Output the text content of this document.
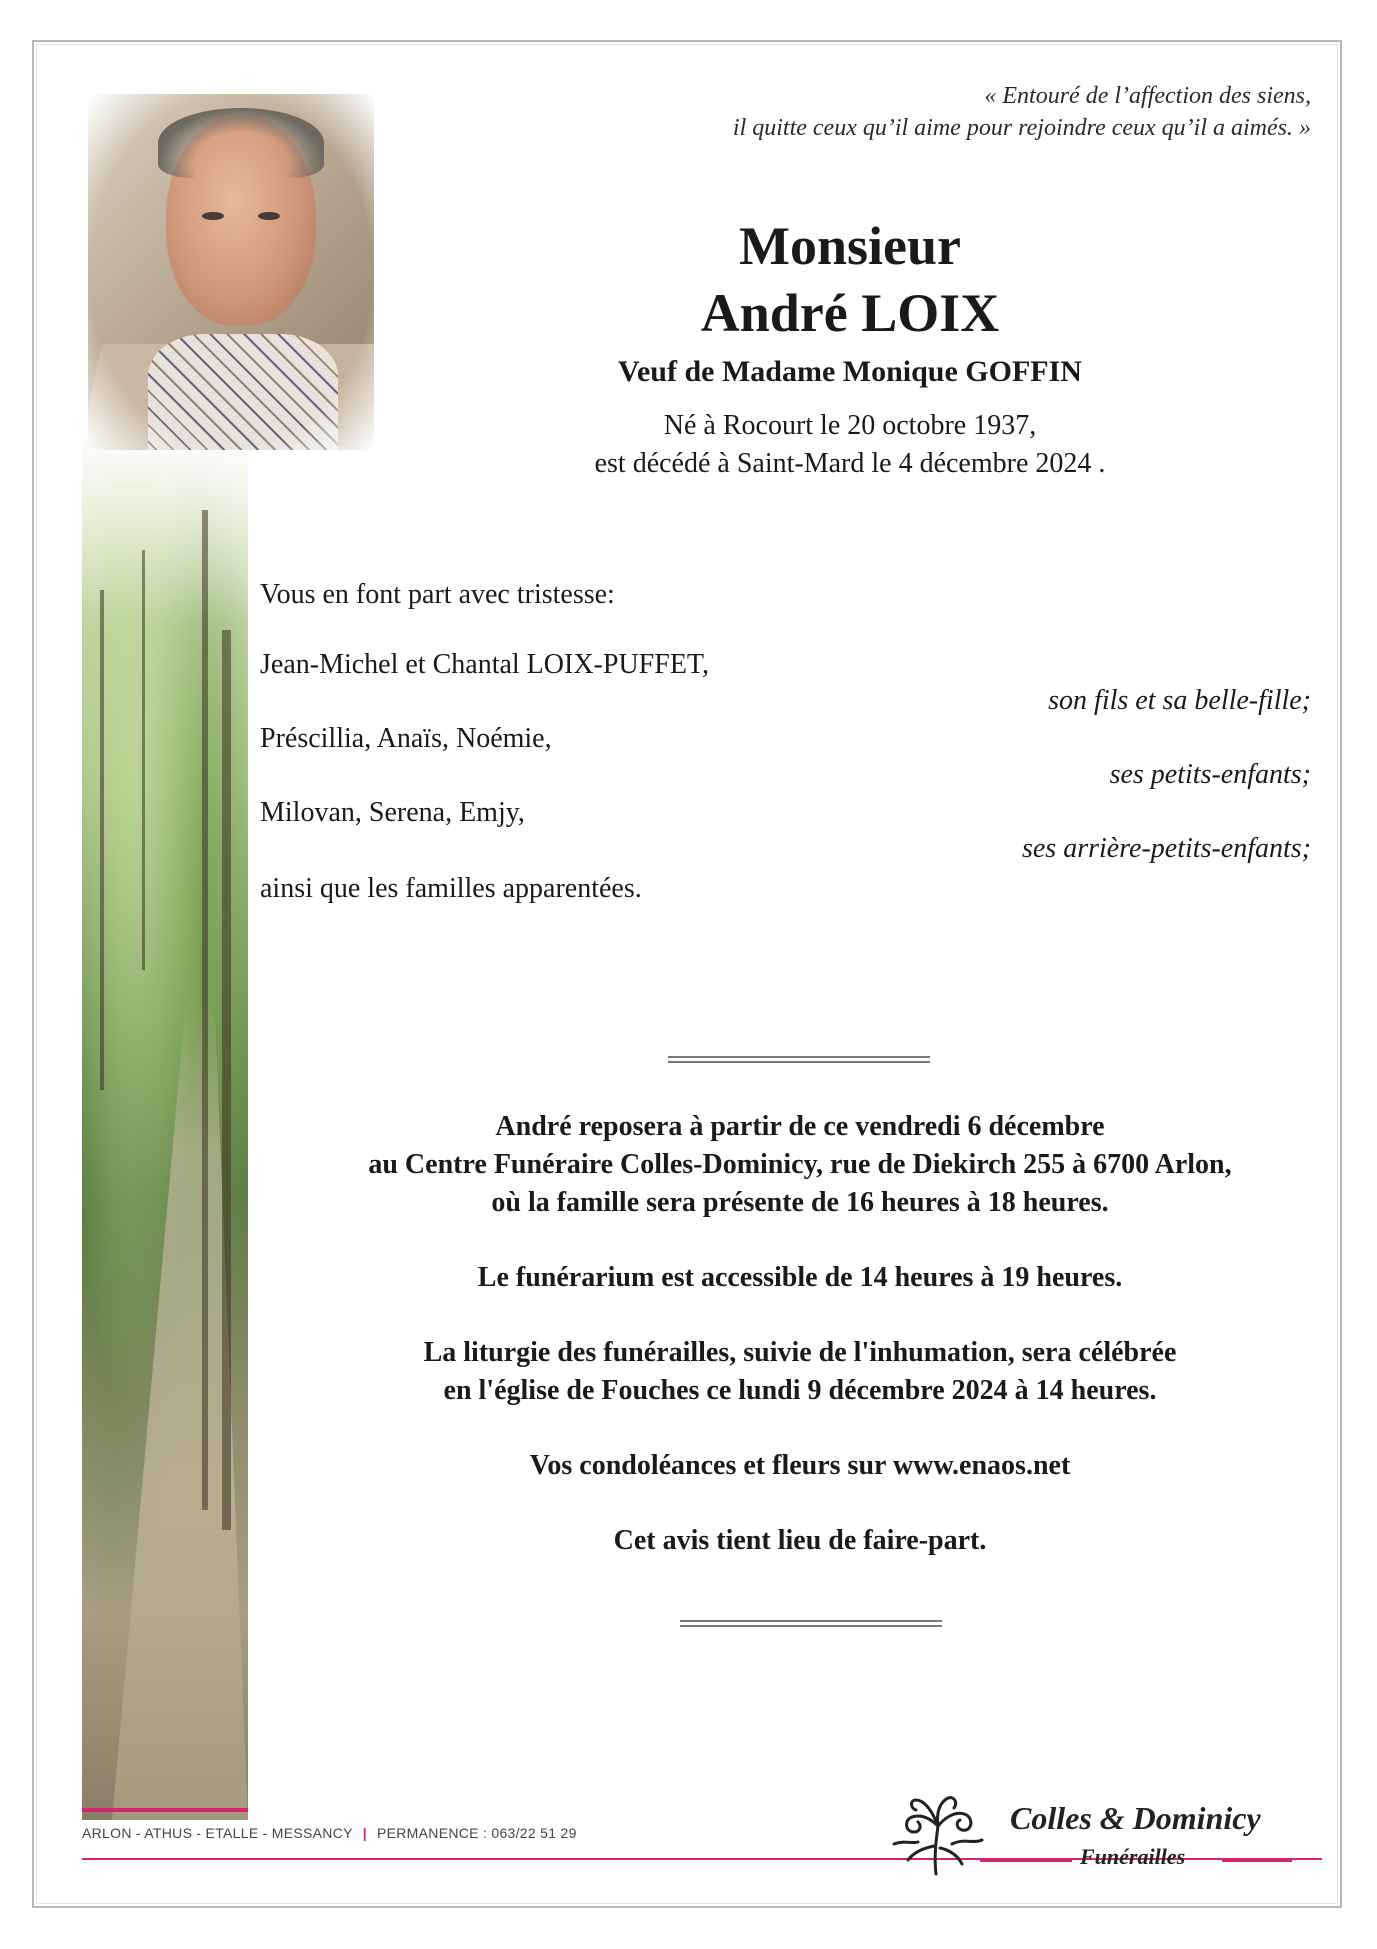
« Entouré de l’affection des siens,
il quitte ceux qu’il aime pour rejoindre ceux qu’il a aimés. »
Monsieur
André LOIX
Veuf de Madame Monique GOFFIN
Né à Rocourt le 20 octobre 1937,
est décédé à Saint-Mard le 4 décembre 2024 .
Vous en font part avec tristesse:
Jean-Michel et Chantal LOIX-PUFFET,
son fils et sa belle-fille;
Préscillia, Anaïs, Noémie,
ses petits-enfants;
Milovan, Serena, Emjy,
ses arrière-petits-enfants;
ainsi que les familles apparentées.
André reposera à partir de ce vendredi 6 décembre
au Centre Funéraire Colles-Dominicy, rue de Diekirch 255 à 6700 Arlon,
où la famille sera présente de 16 heures à 18 heures.
Le funérarium est accessible de 14 heures à 19 heures.
La liturgie des funérailles, suivie de l'inhumation, sera célébrée
en l'église de Fouches ce lundi 9 décembre 2024 à 14 heures.
Vos condoléances et fleurs sur www.enaos.net
Cet avis tient lieu de faire-part.
ARLON - ATHUS - ETALLE - MESSANCY | PERMANENCE : 063/22 51 29	Colles & Dominicy
Funérailles
